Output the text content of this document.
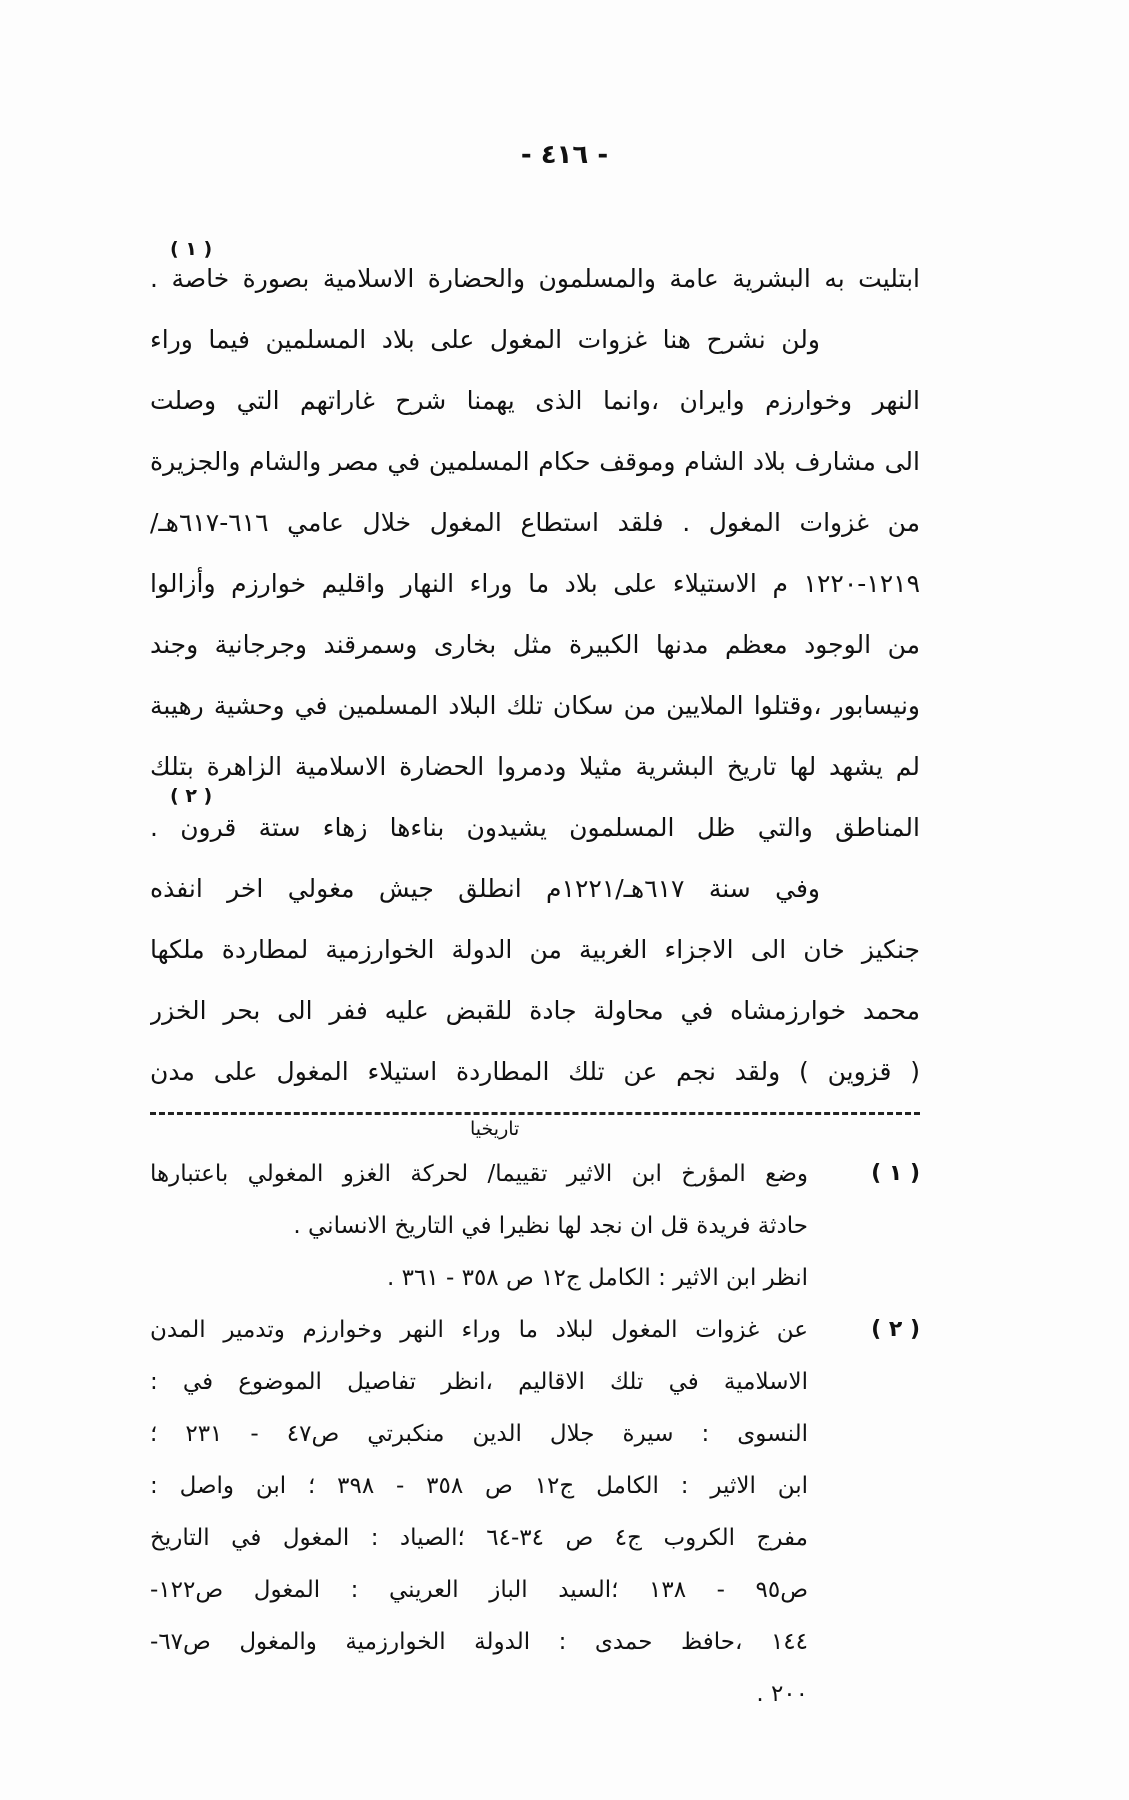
- ٤١٦ -
ابتليت به البشرية عامة والمسلمون والحضارة الاسلامية بصورة خاصة .
ولن نشرح هنا غزوات المغول على بلاد المسلمين فيما وراء
النهر وخوارزم وايران ،وانما الذى يهمنا شرح غاراتهم التي وصلت
الى مشارف بلاد الشام وموقف حكام المسلمين في مصر والشام والجزيرة
من غزوات المغول . فلقد استطاع المغول خلال عامي ٦١٦-٦١٧هـ/
١٢١٩-١٢٢٠ م الاستيلاء على بلاد ما وراء النهار واقليم خوارزم وأزالوا
من الوجود معظم مدنها الكبيرة مثل بخارى وسمرقند وجرجانية وجند
ونيسابور ،وقتلوا الملايين من سكان تلك البلاد المسلمين في وحشية رهيبة
لم يشهد لها تاريخ البشرية مثيلا ودمروا الحضارة الاسلامية الزاهرة بتلك
المناطق والتي ظل المسلمون يشيدون بناءها زهاء ستة قرون .
وفي سنة ٦١٧هـ/١٢٢١م انطلق جيش مغولي اخر انفذه
جنكيز خان الى الاجزاء الغربية من الدولة الخوارزمية لمطاردة ملكها
محمد خوارزمشاه في محاولة جادة للقبض عليه ففر الى بحر الخزر
( قزوين ) ولقد نجم عن تلك المطاردة استيلاء المغول على مدن
( ١ )
( ٢ )
تاريخيا
( ١ )
وضع المؤرخ ابن الاثير تقييما/ لحركة الغزو المغولي باعتبارها
حادثة فريدة قل ان نجد لها نظيرا في التاريخ الانساني .
انظر ابن الاثير : الكامل ج١٢ ص ٣٥٨ - ٣٦١ .
( ٢ )
عن غزوات المغول لبلاد ما وراء النهر وخوارزم وتدمير المدن
الاسلامية في تلك الاقاليم ،انظر تفاصيل الموضوع في :
النسوى : سيرة جلال الدين منكبرتي ص٤٧ - ٢٣١ ؛
ابن الاثير : الكامل ج١٢ ص ٣٥٨ - ٣٩٨ ؛ ابن واصل :
مفرج الكروب ج٤ ص ٣٤-٦٤ ؛الصياد : المغول في التاريخ
ص٩٥ - ١٣٨ ؛السيد الباز العريني : المغول ص١٢٢-
١٤٤ ،حافظ حمدى : الدولة الخوارزمية والمغول ص٦٧-
٢٠٠ .
